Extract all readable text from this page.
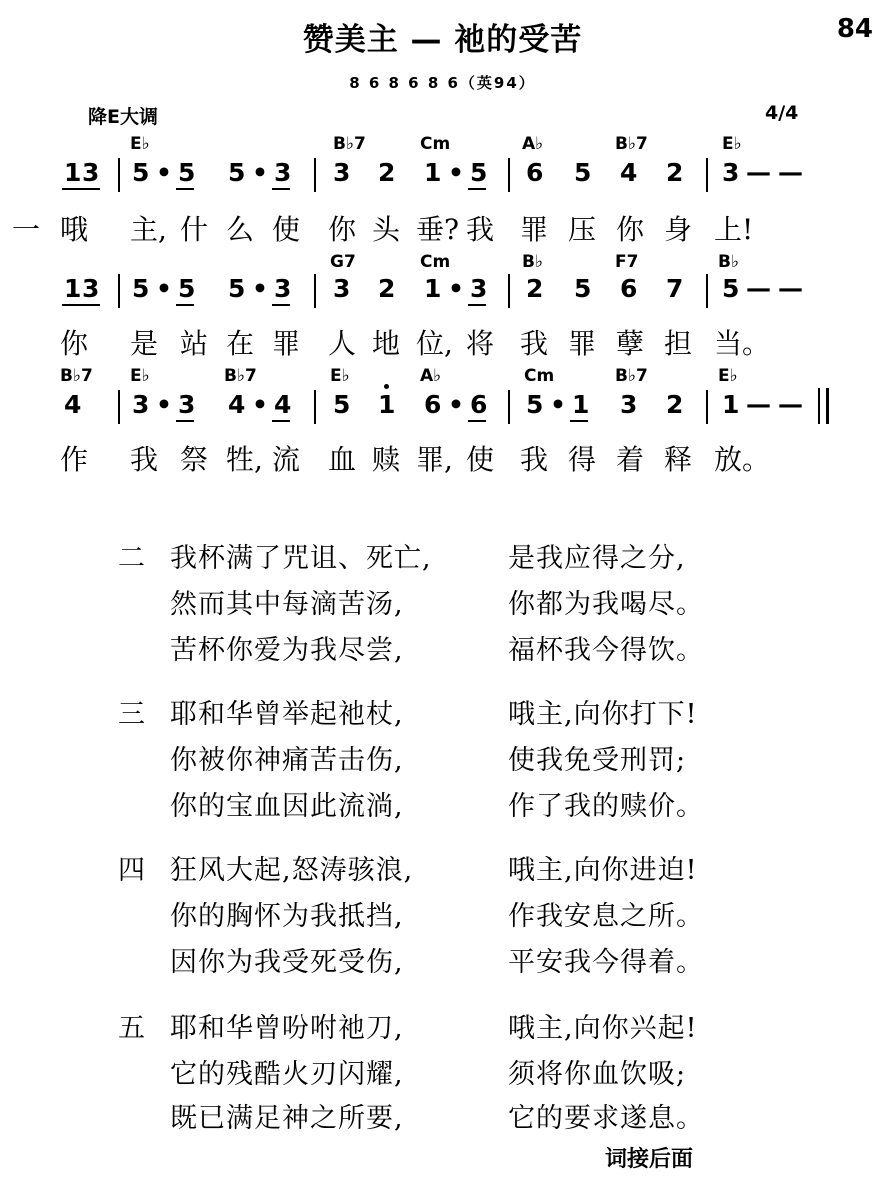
赞美主 — 祂的受苦	84
8 6 8 6 8 6（英94）
降E大调	4/4
E♭	B♭7	Cm	A♭	B♭7	E♭
1 3 5 • 5 5 • 3 3 2 1 • 5 6 5 4 2 3 — —
一 哦 主, 什 么 使 你 头 垂? 我 罪 压 你 身 上!
G7	Cm	B♭	F7	B♭
1 3 5 • 5 5 • 3 3 2 1 • 3 2 5 6 7 5 — —
你 是 站 在 罪 人 地 位, 将 我 罪 孽 担 当。
B♭7 E♭	B♭7	E♭	A♭	Cm	B♭7	E♭
4 3 • 3 4 • 4 5 1 6 • 6 5 • 1 3 2 1 — —
作 我 祭 牲, 流 血 赎 罪, 使 我 得 着 释 放。
二 我杯满了咒诅、死亡,	是我应得之分,
然而其中每滴苦汤,	你都为我喝尽。
苦杯你爱为我尽尝,	福杯我今得饮。
三 耶和华曾举起祂杖,	哦主,向你打下!
你被你神痛苦击伤,	使我免受刑罚;
你的宝血因此流淌,	作了我的赎价。
四 狂风大起,怒涛骇浪,	哦主,向你进迫!
你的胸怀为我抵挡,	作我安息之所。
因你为我受死受伤,	平安我今得着。
五 耶和华曾吩咐祂刀,	哦主,向你兴起!
它的残酷火刃闪耀,	须将你血饮吸;
既已满足神之所要,	它的要求遂息。
词接后面
